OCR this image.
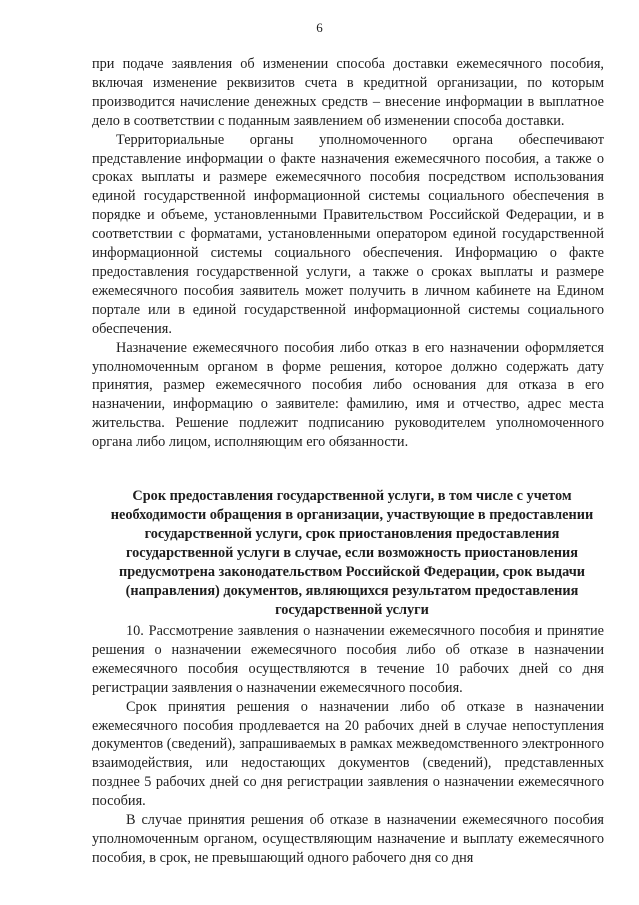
6

при подаче заявления об изменении способа доставки ежемесячного пособия, включая изменение реквизитов счета в кредитной организации, по которым производится начисление денежных средств – внесение информации в выплатное дело в соответствии с поданным заявлением об изменении способа доставки.

Территориальные органы уполномоченного органа обеспечивают представление информации о факте назначения ежемесячного пособия, а также о сроках выплаты и размере ежемесячного пособия посредством использования единой государственной информационной системы социального обеспечения в порядке и объеме, установленными Правительством Российской Федерации, и в соответствии с форматами, установленными оператором единой государственной информационной системы социального обеспечения. Информацию о факте предоставления государственной услуги, а также о сроках выплаты и размере ежемесячного пособия заявитель может получить в личном кабинете на Едином портале или в единой государственной информационной системы социального обеспечения.

Назначение ежемесячного пособия либо отказ в его назначении оформляется уполномоченным органом в форме решения, которое должно содержать дату принятия, размер ежемесячного пособия либо основания для отказа в его назначении, информацию о заявителе: фамилию, имя и отчество, адрес места жительства. Решение подлежит подписанию руководителем уполномоченного органа либо лицом, исполняющим его обязанности.

Срок предоставления государственной услуги, в том числе с учетом необходимости обращения в организации, участвующие в предоставлении государственной услуги, срок приостановления предоставления государственной услуги в случае, если возможность приостановления предусмотрена законодательством Российской Федерации, срок выдачи (направления) документов, являющихся результатом предоставления государственной услуги

10. Рассмотрение заявления о назначении ежемесячного пособия и принятие решения о назначении ежемесячного пособия либо об отказе в назначении ежемесячного пособия осуществляются в течение 10 рабочих дней со дня регистрации заявления о назначении ежемесячного пособия.

Срок принятия решения о назначении либо об отказе в назначении ежемесячного пособия продлевается на 20 рабочих дней в случае непоступления документов (сведений), запрашиваемых в рамках межведомственного электронного взаимодействия, или недостающих документов (сведений), представленных позднее 5 рабочих дней со дня регистрации заявления о назначении ежемесячного пособия.

В случае принятия решения об отказе в назначении ежемесячного пособия уполномоченным органом, осуществляющим назначение и выплату ежемесячного пособия, в срок, не превышающий одного рабочего дня со дня
